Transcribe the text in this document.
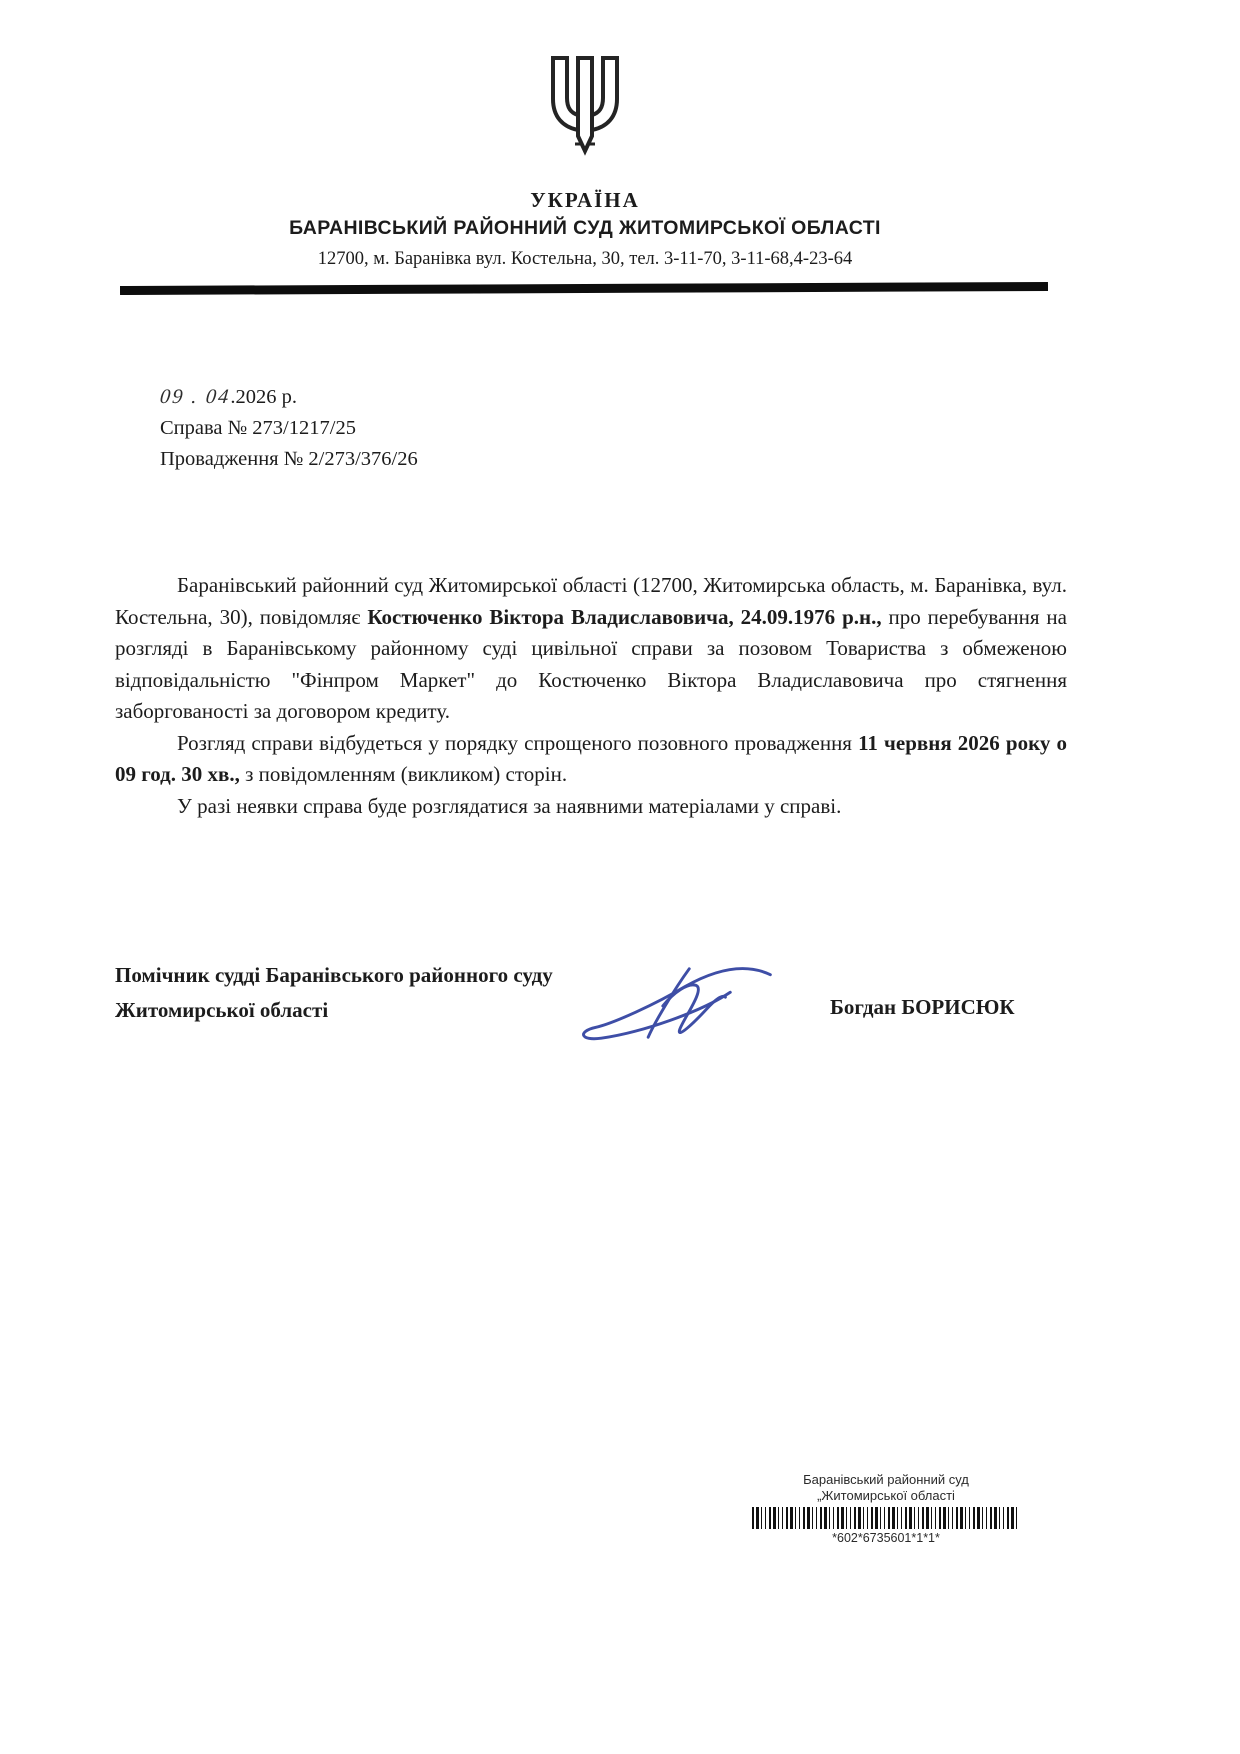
УКРАЇНА
БАРАНІВСЬКИЙ РАЙОННИЙ СУД ЖИТОМИРСЬКОЇ ОБЛАСТІ
12700, м. Баранівка вул. Костельна, 30, тел. 3-11-70, 3-11-68,4-23-64
09 . 04.2026 р.
Справа № 273/1217/25
Провадження № 2/273/376/26

Баранівський районний суд Житомирської області (12700, Житомирська область, м. Баранівка, вул. Костельна, 30), повідомляє Костюченко Віктора Владиславовича, 24.09.1976 р.н., про перебування на розгляді в Баранівському районному суді цивільної справи за позовом Товариства з обмеженою відповідальністю "Фінпром Маркет" до Костюченко Віктора Владиславовича про стягнення заборгованості за договором кредиту.

Розгляд справи відбудеться у порядку спрощеного позовного провадження 11 червня 2026 року о 09 год. 30 хв., з повідомленням (викликом) сторін.

У разі неявки справа буде розглядатися за наявними матеріалами у справі.

Помічник судді Баранівського районного суду
Житомирської області	Богдан БОРИСЮК
Баранівський районний суд
„Житомирської області
*602*6735601*1*1*
